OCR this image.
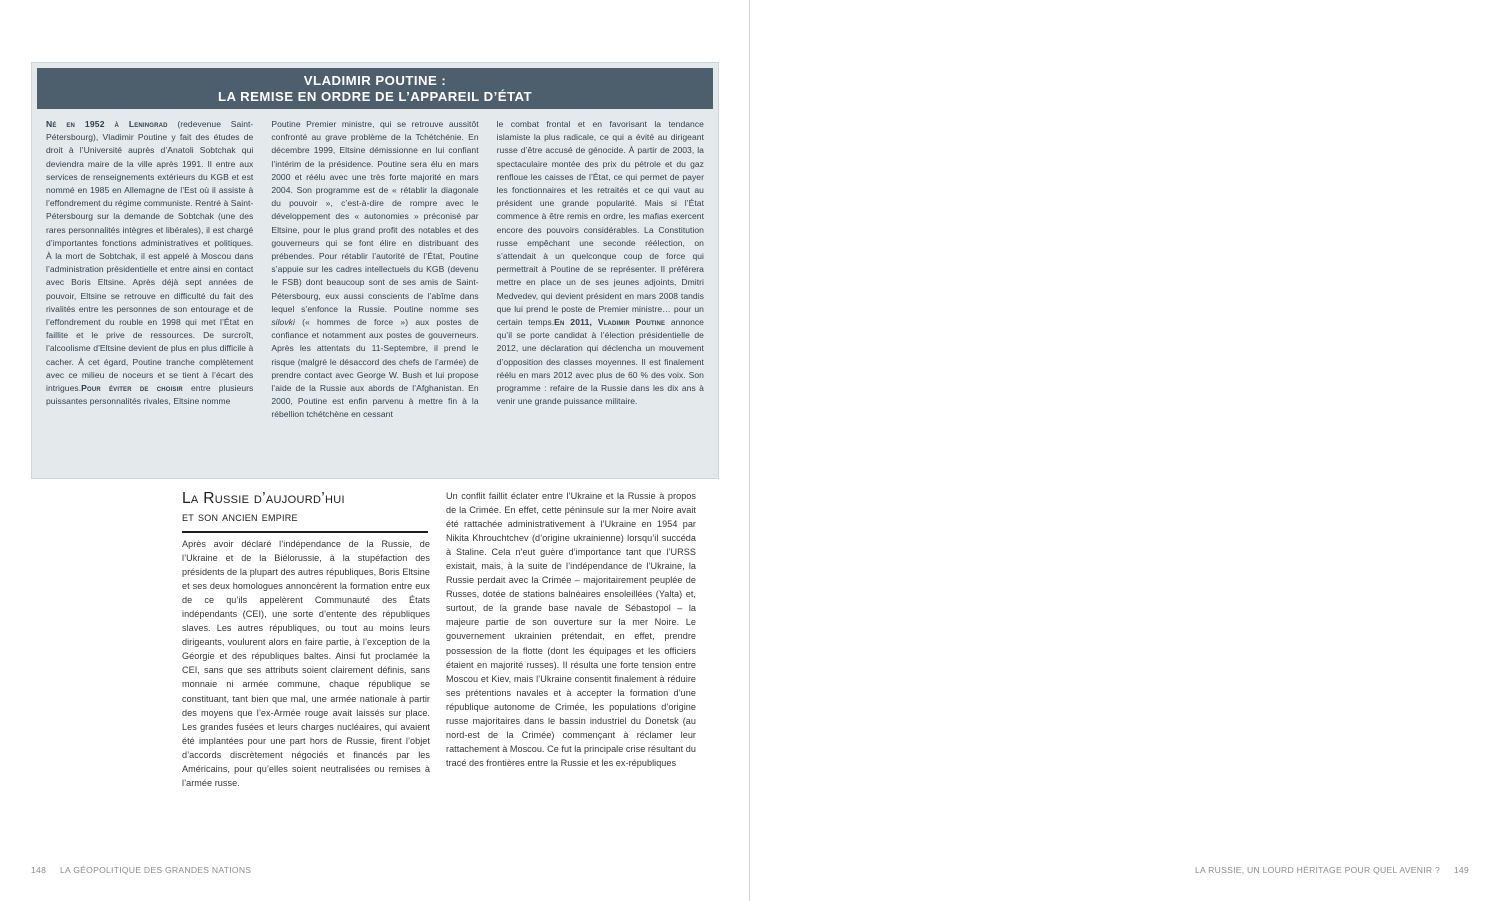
VLADIMIR POUTINE :
LA REMISE EN ORDRE DE L’APPAREIL D’ÉTAT

Né en 1952 à Leningrad (redevenue Saint-Pétersbourg), Vladimir Poutine y fait des études de droit à l’Université auprès d’Anatoli Sobtchak qui deviendra maire de la ville après 1991. Il entre aux services de renseignements extérieurs du KGB et est nommé en 1985 en Allemagne de l’Est où il assiste à l’effondrement du régime communiste. Rentré à Saint-Pétersbourg sur la demande de Sobtchak (une des rares personnalités intègres et libérales), il est chargé d’importantes fonctions administratives et politiques. À la mort de Sobtchak, il est appelé à Moscou dans l’administration présidentielle et entre ainsi en contact avec Boris Eltsine. Après déjà sept années de pouvoir, Eltsine se retrouve en difficulté du fait des rivalités entre les personnes de son entourage et de l’effondrement du rouble en 1998 qui met l’État en faillite et le prive de ressources. De surcroît, l’alcoolisme d’Eltsine devient de plus en plus difficile à cacher. À cet égard, Poutine tranche complètement avec ce milieu de noceurs et se tient à l’écart des intrigues.Pour éviter de choisir entre plusieurs puissantes personnalités rivales, Eltsine nomme

Poutine Premier ministre, qui se retrouve aussitôt confronté au grave problème de la Tchétchénie. En décembre 1999, Eltsine démissionne en lui confiant l’intérim de la présidence. Poutine sera élu en mars 2000 et réélu avec une très forte majorité en mars 2004. Son programme est de « rétablir la diagonale du pouvoir », c’est-à-dire de rompre avec le développement des « autonomies » préconisé par Eltsine, pour le plus grand profit des notables et des gouverneurs qui se font élire en distribuant des prébendes. Pour rétablir l’autorité de l’État, Poutine s’appuie sur les cadres intellectuels du KGB (devenu le FSB) dont beaucoup sont de ses amis de Saint-Pétersbourg, eux aussi conscients de l’abîme dans lequel s’enfonce la Russie. Poutine nomme ses silovki (« hommes de force ») aux postes de confiance et notamment aux postes de gouverneurs. Après les attentats du 11-Septembre, il prend le risque (malgré le désaccord des chefs de l’armée) de prendre contact avec George W. Bush et lui propose l’aide de la Russie aux abords de l’Afghanistan. En 2000, Poutine est enfin parvenu à mettre fin à la rébellion tchétchène en cessant

le combat frontal et en favorisant la tendance islamiste la plus radicale, ce qui a évité au dirigeant russe d’être accusé de génocide. À partir de 2003, la spectaculaire montée des prix du pétrole et du gaz renfloue les caisses de l’État, ce qui permet de payer les fonctionnaires et les retraités et ce qui vaut au président une grande popularité. Mais si l’État commence à être remis en ordre, les mafias exercent encore des pouvoirs considérables. La Constitution russe empêchant une seconde réélection, on s’attendait à un quelconque coup de force qui permettrait à Poutine de se représenter. Il préférera mettre en place un de ses jeunes adjoints, Dmitri Medvedev, qui devient président en mars 2008 tandis que lui prend le poste de Premier ministre… pour un certain temps.En 2011, Vladimir Poutine annonce qu’il se porte candidat à l’élection présidentielle de 2012, une déclaration qui déclencha un mouvement d’opposition des classes moyennes. Il est finalement réélu en mars 2012 avec plus de 60 % des voix. Son programme : refaire de la Russie dans les dix ans à venir une grande puissance militaire.

La Russie d’aujourd’hui
et son ancien empire

Après avoir déclaré l’indépendance de la Russie, de l’Ukraine et de la Biélorussie, à la stupéfaction des présidents de la plupart des autres républiques, Boris Eltsine et ses deux homologues annoncèrent la formation entre eux de ce qu’ils appelèrent Communauté des États indépendants (CEI), une sorte d’entente des républiques slaves. Les autres républiques, ou tout au moins leurs dirigeants, voulurent alors en faire partie, à l’exception de la Géorgie et des républiques baltes. Ainsi fut proclamée la CEI, sans que ses attributs soient clairement définis, sans monnaie ni armée commune, chaque république se constituant, tant bien que mal, une armée nationale à partir des moyens que l’ex-Armée rouge avait laissés sur place. Les grandes fusées et leurs charges nucléaires, qui avaient été implantées pour une part hors de Russie, firent l’objet d’accords discrètement négociés et financés par les Américains, pour qu’elles soient neutralisées ou remises à l’armée russe.

Un conflit faillit éclater entre l’Ukraine et la Russie à propos de la Crimée. En effet, cette péninsule sur la mer Noire avait été rattachée administrativement à l’Ukraine en 1954 par Nikita Khrouchtchev (d’origine ukrainienne) lorsqu’il succéda à Staline. Cela n’eut guère d’importance tant que l’URSS existait, mais, à la suite de l’indépendance de l’Ukraine, la Russie perdait avec la Crimée – majoritairement peuplée de Russes, dotée de stations balnéaires ensoleillées (Yalta) et, surtout, de la grande base navale de Sébastopol – la majeure partie de son ouverture sur la mer Noire. Le gouvernement ukrainien prétendait, en effet, prendre possession de la flotte (dont les équipages et les officiers étaient en majorité russes). Il résulta une forte tension entre Moscou et Kiev, mais l’Ukraine consentit finalement à réduire ses prétentions navales et à accepter la formation d’une république autonome de Crimée, les populations d’origine russe majoritaires dans le bassin industriel du Donetsk (au nord-est de la Crimée) commençant à réclamer leur rattachement à Moscou. Ce fut la principale crise résultant du tracé des frontières entre la Russie et les ex-républiques

148 LA GÉOPOLITIQUE DES GRANDES NATIONS	LA RUSSIE, UN LOURD HÉRITAGE POUR QUEL AVENIR ? 149
